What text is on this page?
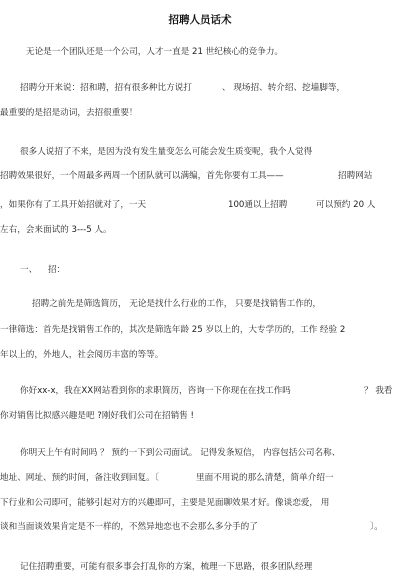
招聘人员话术
无论是一个团队还是一个公司，人才一直是 21 世纪核心的竞争力。
招聘分开来说：招和聘，招有很多种比方说打	、 现场招、转介绍、挖墙脚等，
最重要的是招是动词，去招很重要！
很多人说招了不来，是因为没有发生量变怎么可能会发生质变呢，我个人觉得
招聘效果很好，一个周最多两周一个团队就可以满编，首先你要有工具——	招聘网站
，如果你有了工具开始招就对了，一天	100通以上招聘	可以预约 20 人
左右，会来面试的 3---5 人。
一、 招：
招聘之前先是筛选简历， 无论是找什么行业的工作， 只要是找销售工作的，
一律筛选：首先是找销售工作的，其次是筛选年龄 25 岁以上的，大专学历的，工作 经验 2
年以上的，外地人，社会阅历丰富的等等。
你好xx-x，我在XX网站看到你的求职简历，咨询一下你现在在找工作吗	？ 我看
你对销售比拟感兴趣是吧 ?刚好我们公司在招销售 !
你明天上午有时间吗 ？ 预约一下到公司面试。 记得发条短信， 内容包括公司名称、
地址、网址、预约时间，备注收到回复。〔	里面不用说的那么清楚，简单介绍一
下行业和公司即可，能够引起对方的兴趣即可，主要是见面聊效果才好。像谈恋爱， 用
谈和当面谈效果肯定是不一样的，不然异地恋也不会那么多分手的了	〕。
记住招聘重要，可能有很多事会打乱你的方案，梳理一下思路，很多团队经理
